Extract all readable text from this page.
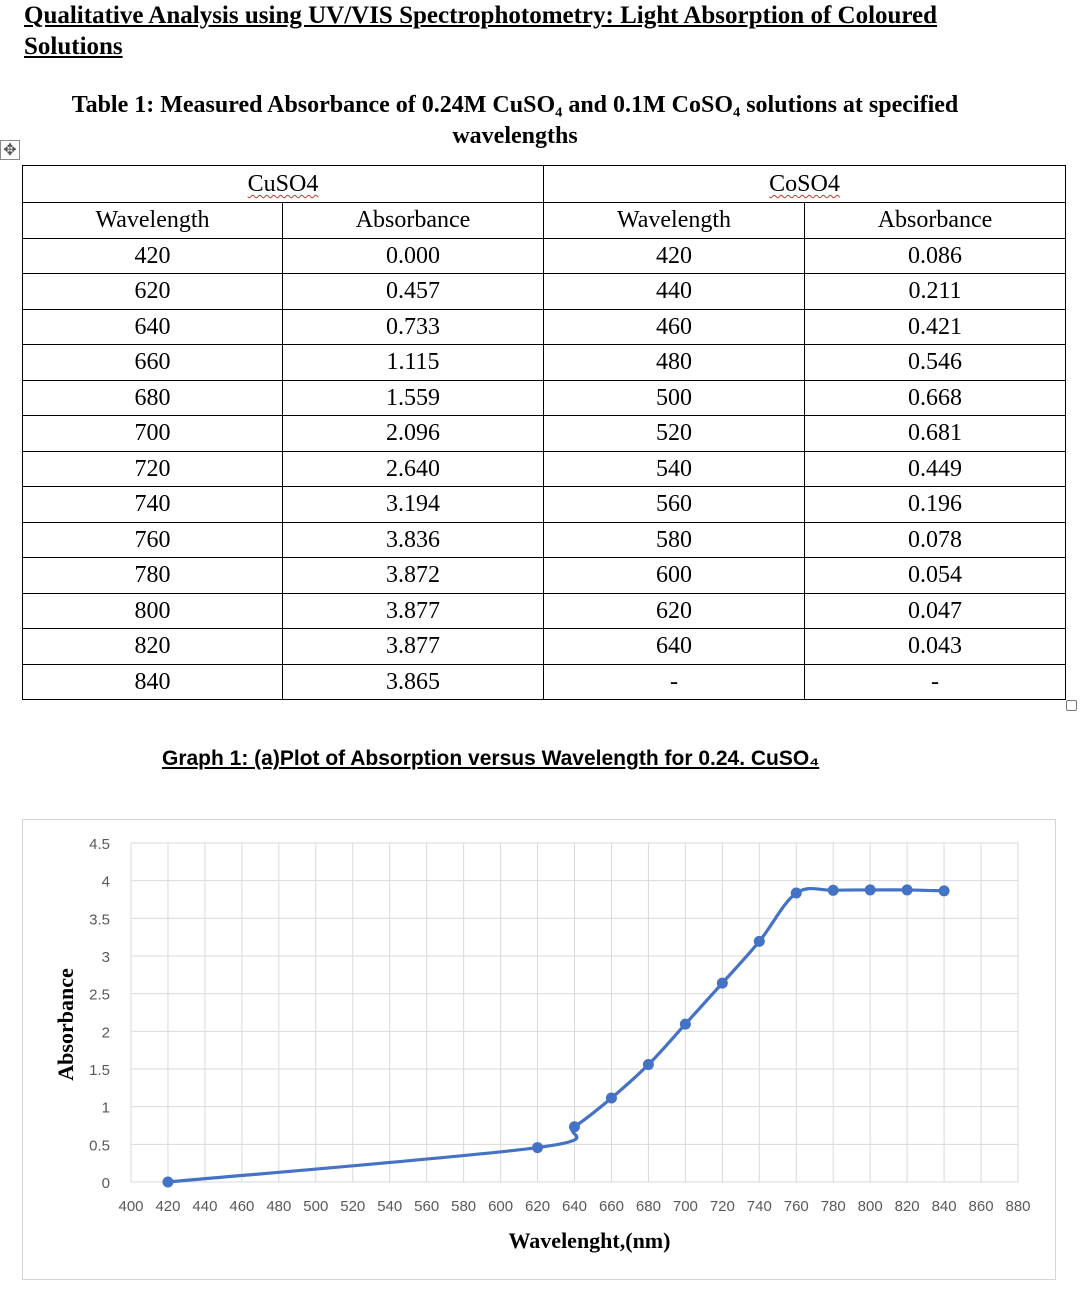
Qualitative Analysis using UV/VIS Spectrophotometry: Light Absorption of Coloured Solutions
Table 1: Measured Absorbance of 0.24M CuSO₄ and 0.1M CoSO₄ solutions at specified wavelengths
✥
CuSO4		CoSO4	
Wavelength	Absorbance	Wavelength	Absorbance
420	0.000	420	0.086
620	0.457	440	0.211
640	0.733	460	0.421
660	1.115	480	0.546
680	1.559	500	0.668
700	2.096	520	0.681
720	2.640	540	0.449
740	3.194	560	0.196
760	3.836	580	0.078
780	3.872	600	0.054
800	3.877	620	0.047
820	3.877	640	0.043
840	3.865	-	-
Graph 1: (a)Plot of Absorption versus Wavelength for 0.24. CuSO₄
0
0.5
1
1.5
2
2.5
3
3.5
4
4.5
400 420 440 460 480 500 520 540 560 580 600 620 640 660 680 700 720 740 760 780 800 820 840 860 880
Wavelenght,(nm)
Absorbance
